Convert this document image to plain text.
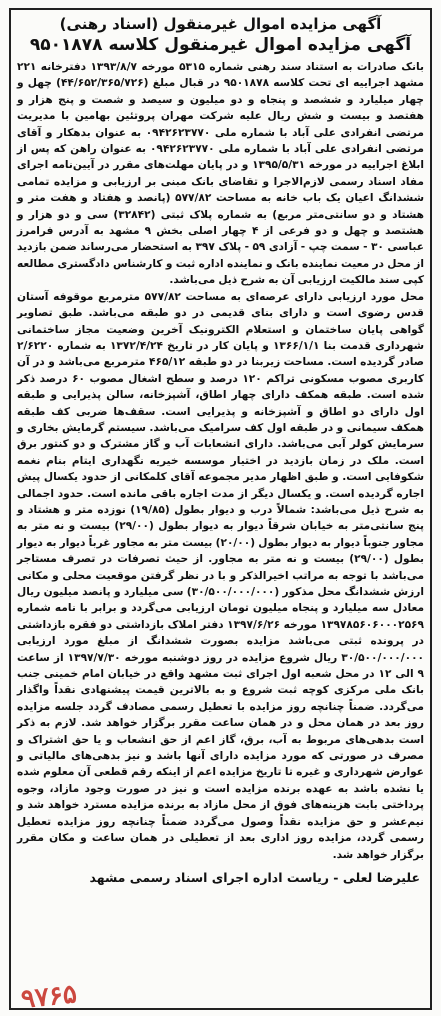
آگهی مزایده اموال غیرمنقول (اسناد رهنی)

آگهی مزایده اموال غیرمنقول کلاسه ۹۵۰۱۸۷۸

بانک صادرات به استناد سند رهنی شماره ۵۳۱۵ مورخه ۱۳۹۳/۸/۷ دفترخانه ۲۲۱ مشهد اجراییه ای تحت کلاسه ۹۵۰۱۸۷۸ در قبال مبلغ (۴۴/۶۵۲/۳۶۵/۷۲۶) چهل و چهار میلیارد و ششصد و پنجاه و دو میلیون و سیصد و شصت و پنج هزار و هفتصد و بیست و شش ریال علیه شرکت مهران پروتئین بهامین با مدیریت مرتضی انفرادی علی آباد با شماره ملی ۰۹۴۲۶۲۳۷۷۰ به عنوان بدهکار و آقای مرتضی انفرادی علی آباد با شماره ملی ۰۹۴۲۶۲۳۷۷۰ به عنوان راهن که پس از ابلاغ اجراییه در مورخه ۱۳۹۵/۵/۳۱ و در پایان مهلت‌های مقرر در آیین‌نامه اجرای مفاد اسناد رسمی لازم‌الاجرا و تقاضای بانک مبنی بر ارزیابی و مزایده تمامی ششدانگ اعیان یک باب خانه به مساحت ۵۷۷/۸۲ (پانصد و هفتاد و هفت متر و هشتاد و دو سانتی‌متر مربع) به شماره پلاک ثبتی (۳۲۸۴۲) سی و دو هزار و هشتصد و چهل و دو فرعی از ۴ چهار اصلی بخش ۹ مشهد به آدرس فرامرز عباسی ۳۰ - سمت چپ - آزادی ۵۹ - پلاک ۳۹۷ به استحضار می‌رساند ضمن بازدید از محل در معیت نماینده بانک و نماینده اداره ثبت و کارشناس دادگستری مطالعه کپی سند مالکیت ارزیابی آن به شرح ذیل می‌باشد.

محل مورد ارزیابی دارای عرصه‌ای به مساحت ۵۷۷/۸۲ مترمربع موقوفه آستان قدس رضوی است و دارای بنای قدیمی در دو طبقه می‌باشد. طبق تصاویر گواهی پایان ساختمان و استعلام الکترونیک آخرین وضعیت مجاز ساختمانی شهرداری قدمت بنا ۱۳۶۶/۱/۱ و پایان کار در تاریخ ۱۳۷۲/۴/۲۴ به شماره ۲/۶۲۲۰ صادر گردیده است. مساحت زیربنا در دو طبقه ۴۶۵/۱۲ مترمربع می‌باشد و در آن کاربری مصوب مسکونی تراکم ۱۲۰ درصد و سطح اشغال مصوب ۶۰ درصد ذکر شده است. طبقه همکف دارای چهار اطاق، آشپزخانه، سالن پذیرایی و طبقه اول دارای دو اطاق و آشپزخانه و پذیرایی است. سقف‌ها ضربی کف طبقه همکف سیمانی و در طبقه اول کف سرامیک می‌باشد. سیستم گرمایش بخاری و سرمایش کولر آبی می‌باشد. دارای انشعابات آب و گاز مشترک و دو کنتور برق است. ملک در زمان بازدید در اختیار موسسه خیریه نگهداری ایتام بنام نغمه شکوفایی است. و طبق اظهار مدیر مجموعه آقای کلمکانی از حدود یکسال پیش اجاره گردیده است. و یکسال دیگر از مدت اجاره باقی مانده است. حدود اجمالی به شرح ذیل می‌باشد: شمالاً درب و دیوار بطول (۱۹/۸۵) نوزده متر و هشتاد و پنج سانتی‌متر به خیابان شرقاً دیوار به دیوار بطول (۲۹/۰۰) بیست و نه متر به مجاور جنوباً دیوار به دیوار بطول (۲۰/۰۰) بیست متر به مجاور غرباً دیوار به دیوار بطول (۲۹/۰۰) بیست و نه متر به مجاور. از حیث تصرفات در تصرف مستاجر می‌باشد با توجه به مراتب اخیرالذکر و با در نظر گرفتن موقعیت محلی و مکانی ارزش ششدانگ محل مذکور (۳۰/۵۰۰/۰۰۰/۰۰۰) سی میلیارد و پانصد میلیون ریال معادل سه میلیارد و پنجاه میلیون تومان ارزیابی می‌گردد و برابر با نامه شماره ۱۳۹۷۸۵۶۰۶۰۰۰۲۵۶۹ مورخه ۱۳۹۷/۶/۲۶ دفتر املاک بازداشتی دو فقره بازداشتی در پرونده ثبتی می‌باشد مزایده بصورت ششدانگ از مبلغ مورد ارزیابی ۳۰/۵۰۰/۰۰۰/۰۰۰ ریال شروع مزایده در روز دوشنبه مورخه ۱۳۹۷/۷/۳۰ از ساعت ۹ الی ۱۲ در محل شعبه اول اجرای ثبت مشهد واقع در خیابان امام خمینی جنب بانک ملی مرکزی کوچه ثبت شروع و به بالاترین قیمت پیشنهادی نقداً واگذار می‌گردد. ضمناً چنانچه روز مزایده با تعطیل رسمی مصادف گردد جلسه مزایده روز بعد در همان محل و در همان ساعت مقرر برگزار خواهد شد. لازم به ذکر است بدهی‌های مربوط به آب، برق، گاز اعم از حق انشعاب و یا حق اشتراک و مصرف در صورتی که مورد مزایده دارای آنها باشد و نیز بدهی‌های مالیاتی و عوارض شهرداری و غیره تا تاریخ مزایده اعم از اینکه رقم قطعی آن معلوم شده یا نشده باشد به عهده برنده مزایده است و نیز در صورت وجود مازاد، وجوه پرداختی بابت هزینه‌های فوق از محل مازاد به برنده مزایده مسترد خواهد شد و نیم‌عشر و حق مزایده نقداً وصول می‌گردد ضمناً چنانچه روز مزایده تعطیل رسمی گردد، مزایده روز اداری بعد از تعطیلی در همان ساعت و مکان مقرر برگزار خواهد شد.

علیرضا لعلی - ریاست اداره اجرای اسناد رسمی مشهد
۹۷۶۵
